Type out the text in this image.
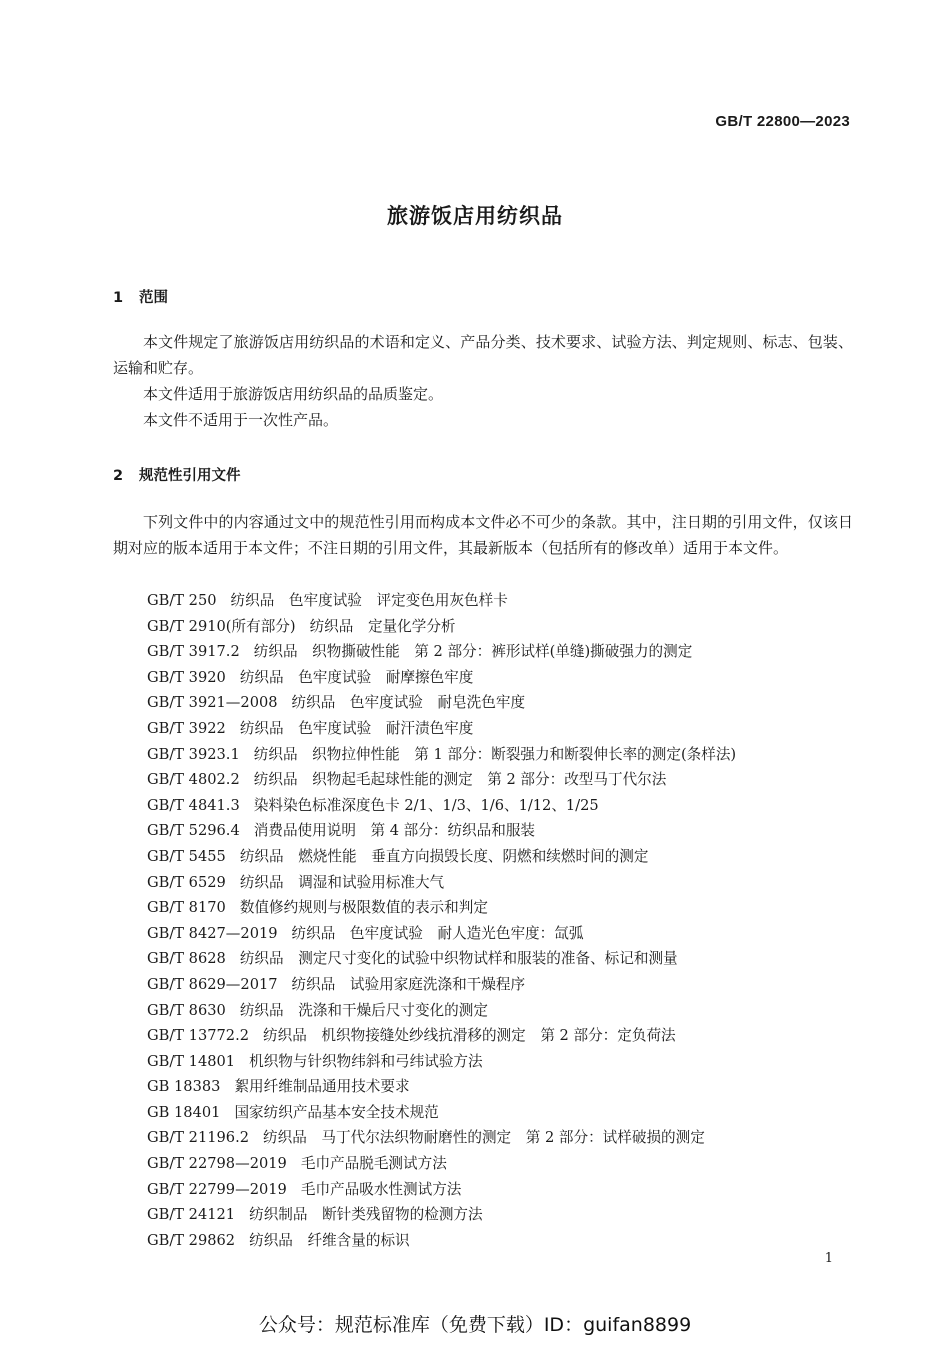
GB/T 22800—2023
旅游饭店用纺织品
1 范围

本文件规定了旅游饭店用纺织品的术语和定义、产品分类、技术要求、试验方法、判定规则、标志、包装、运输和贮存。

本文件适用于旅游饭店用纺织品的品质鉴定。

本文件不适用于一次性产品。

2 规范性引用文件

下列文件中的内容通过文中的规范性引用而构成本文件必不可少的条款。其中，注日期的引用文件，仅该日期对应的版本适用于本文件；不注日期的引用文件，其最新版本（包括所有的修改单）适用于本文件。

GB/T 250 纺织品　色牢度试验　评定变色用灰色样卡
GB/T 2910(所有部分) 纺织品　定量化学分析
GB/T 3917.2 纺织品　织物撕破性能　第 2 部分：裤形试样(单缝)撕破强力的测定
GB/T 3920 纺织品　色牢度试验　耐摩擦色牢度
GB/T 3921—2008 纺织品　色牢度试验　耐皂洗色牢度
GB/T 3922 纺织品　色牢度试验　耐汗渍色牢度
GB/T 3923.1 纺织品　织物拉伸性能　第 1 部分：断裂强力和断裂伸长率的测定(条样法)
GB/T 4802.2 纺织品　织物起毛起球性能的测定　第 2 部分：改型马丁代尔法
GB/T 4841.3 染料染色标准深度色卡 2/1、1/3、1/6、1/12、1/25
GB/T 5296.4 消费品使用说明　第 4 部分：纺织品和服装
GB/T 5455 纺织品　燃烧性能　垂直方向损毁长度、阴燃和续燃时间的测定
GB/T 6529 纺织品　调湿和试验用标准大气
GB/T 8170 数值修约规则与极限数值的表示和判定
GB/T 8427—2019 纺织品　色牢度试验　耐人造光色牢度：氙弧
GB/T 8628 纺织品　测定尺寸变化的试验中织物试样和服装的准备、标记和测量
GB/T 8629—2017 纺织品　试验用家庭洗涤和干燥程序
GB/T 8630 纺织品　洗涤和干燥后尺寸变化的测定
GB/T 13772.2 纺织品　机织物接缝处纱线抗滑移的测定　第 2 部分：定负荷法
GB/T 14801 机织物与针织物纬斜和弓纬试验方法
GB 18383 絮用纤维制品通用技术要求
GB 18401 国家纺织产品基本安全技术规范
GB/T 21196.2 纺织品　马丁代尔法织物耐磨性的测定　第 2 部分：试样破损的测定
GB/T 22798—2019 毛巾产品脱毛测试方法
GB/T 22799—2019 毛巾产品吸水性测试方法
GB/T 24121 纺织制品　断针类残留物的检测方法
GB/T 29862 纺织品　纤维含量的标识
1
公众号：规范标准库（免费下载）ID：guifan8899
